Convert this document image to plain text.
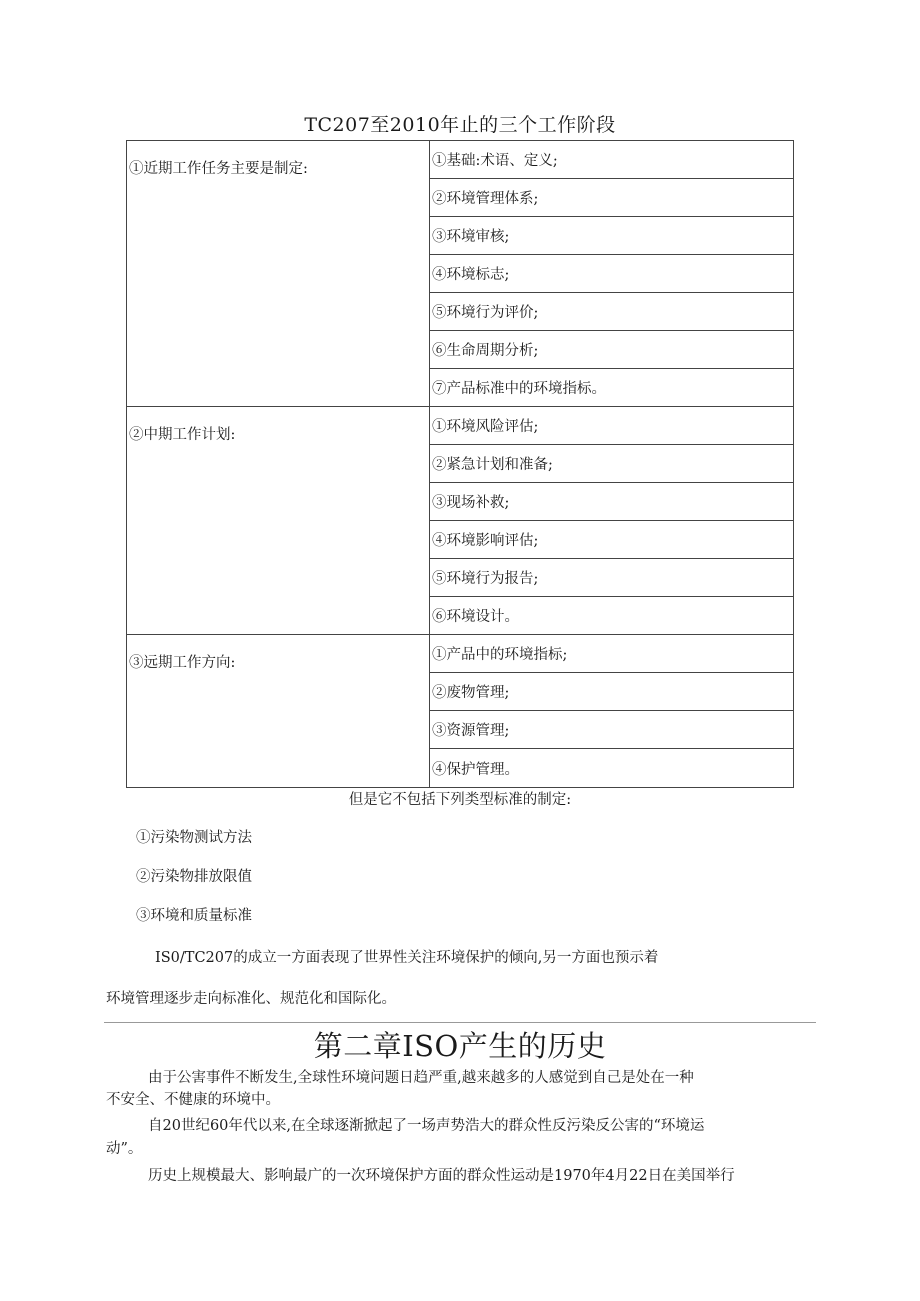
TC207至2010年止的三个工作阶段
①近期工作任务主要是制定:	①基础:术语、定义;
	②环境管理体系;
	③环境审核;
	④环境标志;
	⑤环境行为评价;
	⑥生命周期分析;
	⑦产品标准中的环境指标。
②中期工作计划:	①环境风险评估;
	②紧急计划和准备;
	③现场补救;
	④环境影响评估;
	⑤环境行为报告;
	⑥环境设计。
③远期工作方向:	①产品中的环境指标;
	②废物管理;
	③资源管理;
	④保护管理。
但是它不包括下列类型标准的制定:
①污染物测试方法
②污染物排放限值
③环境和质量标准
IS0/TC207的成立一方面表现了世界性关注环境保护的倾向,另一方面也预示着
环境管理逐步走向标准化、规范化和国际化。
第二章ISO产生的历史
由于公害事件不断发生,全球性环境问题日趋严重,越来越多的人感觉到自己是处在一种
不安全、不健康的环境中。
自20世纪60年代以来,在全球逐渐掀起了一场声势浩大的群众性反污染反公害的“环境运
动”。
历史上规模最大、影响最广的一次环境保护方面的群众性运动是1970年4月22日在美国举行
